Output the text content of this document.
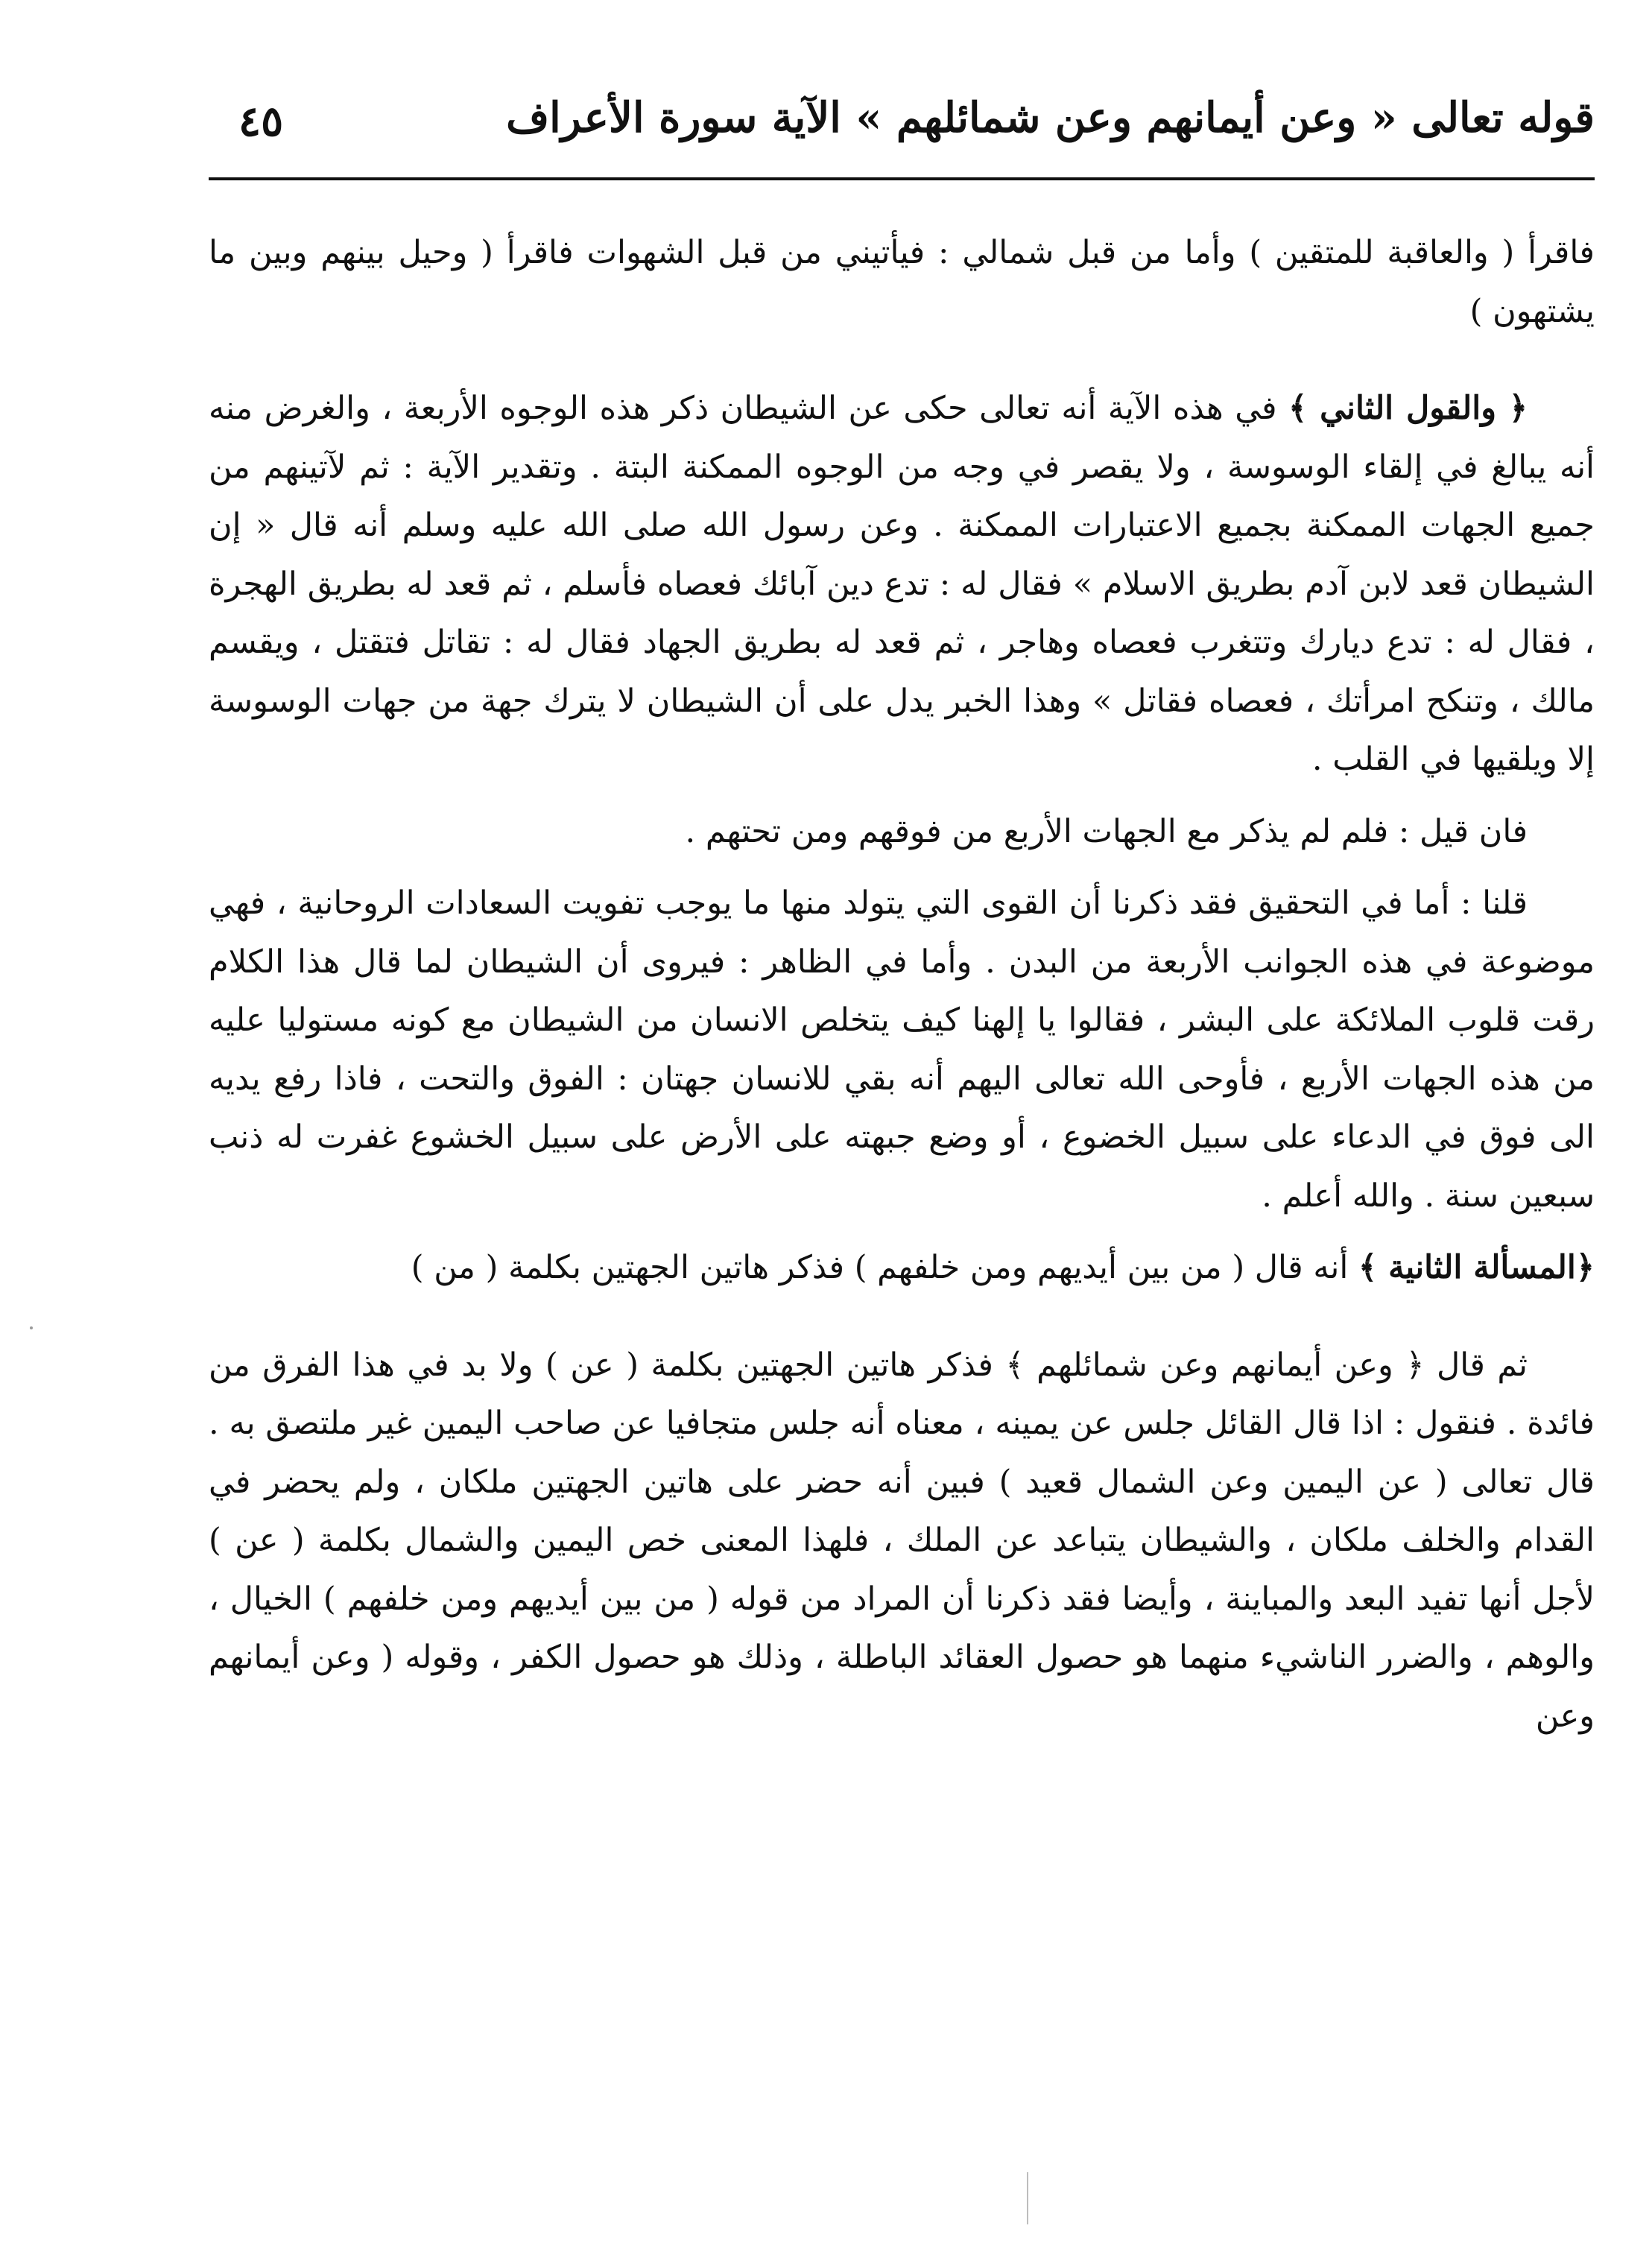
قوله تعالى « وعن أيمانهم وعن شمائلهم » الآية سورة الأعراف
٤٥

فاقرأ ( والعاقبة للمتقين ) وأما من قبل شمالي : فيأتيني من قبل الشهوات فاقرأ ( وحيل بينهم وبين ما يشتهون )

﴿ والقول الثاني ﴾ في هذه الآية أنه تعالى حكى عن الشيطان ذكر هذه الوجوه الأربعة ، والغرض منه أنه يبالغ في إلقاء الوسوسة ، ولا يقصر في وجه من الوجوه الممكنة البتة . وتقدير الآية : ثم لآتينهم من جميع الجهات الممكنة بجميع الاعتبارات الممكنة . وعن رسول الله صلى الله عليه وسلم أنه قال « إن الشيطان قعد لابن آدم بطريق الاسلام » فقال له : تدع دين آبائك فعصاه فأسلم ، ثم قعد له بطريق الهجرة ، فقال له : تدع ديارك وتتغرب فعصاه وهاجر ، ثم قعد له بطريق الجهاد فقال له : تقاتل فتقتل ، ويقسم مالك ، وتنكح امرأتك ، فعصاه فقاتل » وهذا الخبر يدل على أن الشيطان لا يترك جهة من جهات الوسوسة إلا ويلقيها في القلب .

فان قيل : فلم لم يذكر مع الجهات الأربع من فوقهم ومن تحتهم .

قلنا : أما في التحقيق فقد ذكرنا أن القوى التي يتولد منها ما يوجب تفويت السعادات الروحانية ، فهي موضوعة في هذه الجوانب الأربعة من البدن . وأما في الظاهر : فيروى أن الشيطان لما قال هذا الكلام رقت قلوب الملائكة على البشر ، فقالوا يا إلهنا كيف يتخلص الانسان من الشيطان مع كونه مستوليا عليه من هذه الجهات الأربع ، فأوحى الله تعالى اليهم أنه بقي للانسان جهتان : الفوق والتحت ، فاذا رفع يديه الى فوق في الدعاء على سبيل الخضوع ، أو وضع جبهته على الأرض على سبيل الخشوع غفرت له ذنب سبعين سنة . والله أعلم .

﴿المسألة الثانية ﴾ أنه قال ( من بين أيديهم ومن خلفهم ) فذكر هاتين الجهتين بكلمة ( من )

ثم قال ﴿ وعن أيمانهم وعن شمائلهم ﴾ فذكر هاتين الجهتين بكلمة ( عن ) ولا بد في هذا الفرق من فائدة . فنقول : اذا قال القائل جلس عن يمينه ، معناه أنه جلس متجافيا عن صاحب اليمين غير ملتصق به . قال تعالى ( عن اليمين وعن الشمال قعيد ) فبين أنه حضر على هاتين الجهتين ملكان ، ولم يحضر في القدام والخلف ملكان ، والشيطان يتباعد عن الملك ، فلهذا المعنى خص اليمين والشمال بكلمة ( عن ) لأجل أنها تفيد البعد والمباينة ، وأيضا فقد ذكرنا أن المراد من قوله ( من بين أيديهم ومن خلفهم ) الخيال ، والوهم ، والضرر الناشيء منهما هو حصول العقائد الباطلة ، وذلك هو حصول الكفر ، وقوله ( وعن أيمانهم وعن
